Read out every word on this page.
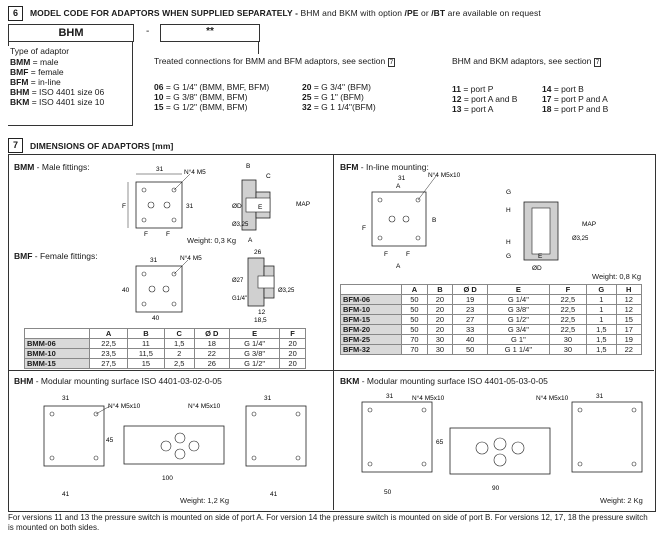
6	MODEL CODE FOR ADAPTORS WHEN SUPPLIED SEPARATELY - BHM and BKM with option /PE or /BT are available on request
BHM	-	**
Type of adaptor
BMM = male
BMF = female
BFM = in-line
BHM = ISO 4401 size 06
BKM = ISO 4401 size 10
Treated connections for BMM and BFM adaptors, see section 7
06 = G 1/4" (BMM, BMF, BFM)
10 = G 3/8" (BMM, BFM)
15 = G 1/2" (BMM, BFM)
20 = G 3/4" (BFM)
25 = G 1" (BFM)
32 = G 1 1/4"(BFM)
BHM and BKM adaptors, see section 7
11 = port P
12 = port A and B
13 = port A
14 = port B
17 = port P and A
18 = port P and B
7	DIMENSIONS OF ADAPTORS [mm]
BMM - Male fittings:	31
F	31
F	F
N°4 M5
B
C
ØD	E
A
Ø3,25
MAP
Weight: 0,3 Kg
BMF - Female fittings:	31
40
40
N°4 M5
26
12
18,5
Ø27
G1/4"
Ø3,25
	A	B	C	Ø D	E	F
BMM-06	22,5	11	1,5	18	G 1/4"	20
BMM-10	23,5	11,5	2	22	G 3/8"	20
BMM-15	27,5	15	2,5	26	G 1/2"	20
BFM - In-line mounting:
31
A
F
B
F	F
A
N°4 M5x10
G
H
H
G	E
ØD
Ø3,25
MAP
Weight: 0,8 Kg
	A	B	Ø D	E	F	G	H
BFM-06	50	20	19	G 1/4"	22,5	1	12
BFM-10	50	20	23	G 3/8"	22,5	1	12
BFM-15	50	20	27	G 1/2"	22,5	1	15
BFM-20	50	20	33	G 3/4"	22,5	1,5	17
BFM-25	70	30	40	G 1"	30	1,5	19
BFM-32	70	30	50	G 1 1/4"	30	1,5	22
BHM - Modular mounting surface ISO 4401-03-02-0-05
31
45
41
N°4 M5x10
100
N°4 M5x10
31
41
Weight: 1,2 Kg
BKM - Modular mounting surface ISO 4401-05-03-0-05
31
65
50
N°4 M5x10
90
N°4 M5x10	31
Weight: 2 Kg
For versions 11 and 13 the pressure switch is mounted on side of port A. For version 14 the pressure switch is mounted on side of port B. For versions 12, 17, 18 the pressure switch is mounted on both sides.
